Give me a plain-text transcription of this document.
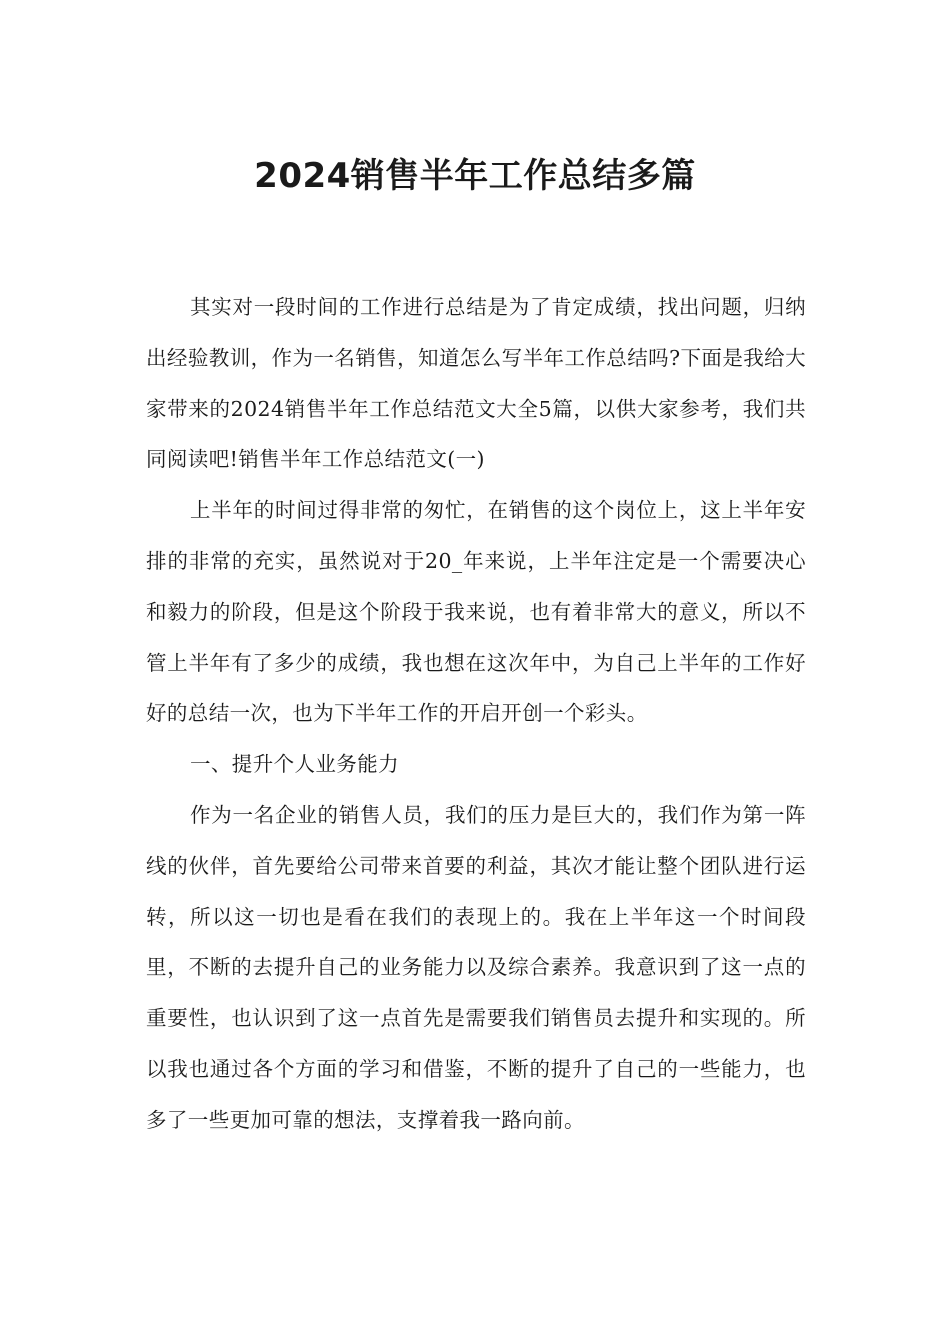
2024销售半年工作总结多篇

其实对一段时间的工作进行总结是为了肯定成绩，找出问题，归纳出经验教训，作为一名销售，知道怎么写半年工作总结吗?下面是我给大家带来的2024销售半年工作总结范文大全5篇，以供大家参考，我们共同阅读吧!销售半年工作总结范文(一)

上半年的时间过得非常的匆忙，在销售的这个岗位上，这上半年安排的非常的充实，虽然说对于20_年来说，上半年注定是一个需要决心和毅力的阶段，但是这个阶段于我来说，也有着非常大的意义，所以不管上半年有了多少的成绩，我也想在这次年中，为自己上半年的工作好好的总结一次，也为下半年工作的开启开创一个彩头。

一、提升个人业务能力

作为一名企业的销售人员，我们的压力是巨大的，我们作为第一阵线的伙伴，首先要给公司带来首要的利益，其次才能让整个团队进行运转，所以这一切也是看在我们的表现上的。我在上半年这一个时间段里，不断的去提升自己的业务能力以及综合素养。我意识到了这一点的重要性，也认识到了这一点首先是需要我们销售员去提升和实现的。所以我也通过各个方面的学习和借鉴，不断的提升了自己的一些能力，也多了一些更加可靠的想法，支撑着我一路向前。
